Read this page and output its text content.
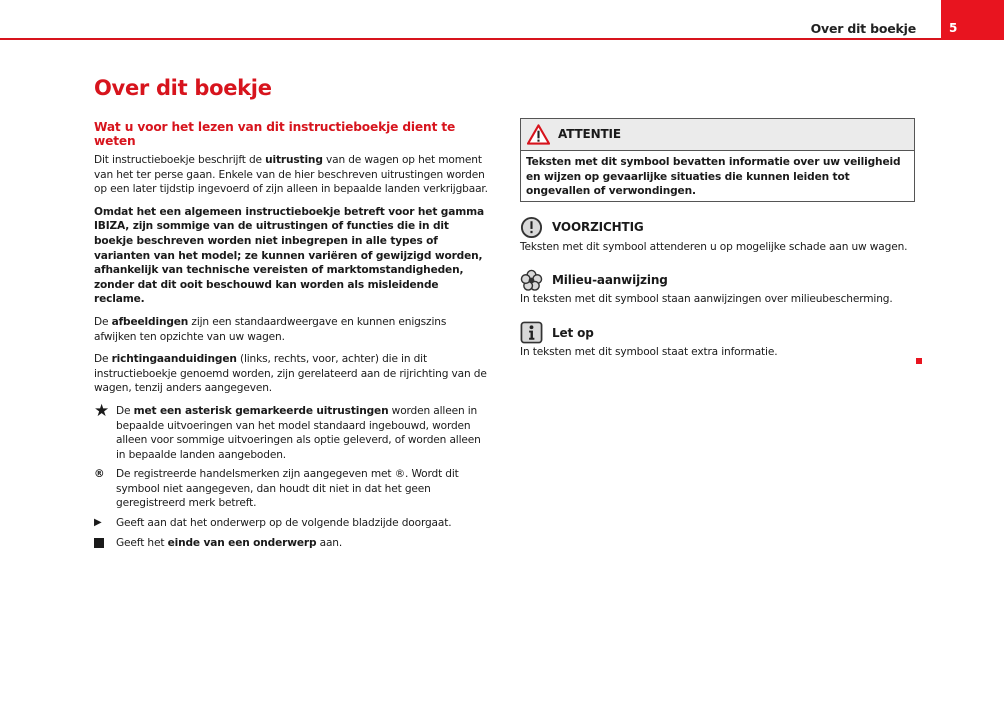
Over dit boekje	5
Over dit boekje
Wat u voor het lezen van dit instructieboekje dient te weten

Dit instructieboekje beschrijft de uitrusting van de wagen op het moment van het ter perse gaan. Enkele van de hier beschreven uitrustingen worden op een later tijdstip ingevoerd of zijn alleen in bepaalde landen verkrijgbaar.

Omdat het een algemeen instructieboekje betreft voor het gamma IBIZA, zijn sommige van de uitrustingen of functies die in dit boekje beschreven worden niet inbegrepen in alle types of varianten van het model; ze kunnen variëren of gewijzigd worden, afhankelijk van technische vereisten of marktomstandigheden, zonder dat dit ooit beschouwd kan worden als misleidende reclame.

De afbeeldingen zijn een standaardweergave en kunnen enigszins afwijken ten opzichte van uw wagen.

De richtingaanduidingen (links, rechts, voor, achter) die in dit instructieboekje genoemd worden, zijn gerelateerd aan de rijrichting van de wagen, tenzij anders aangegeven.

★ De met een asterisk gemarkeerde uitrustingen worden alleen in bepaalde uitvoeringen van het model standaard ingebouwd, worden alleen voor sommige uitvoeringen als optie geleverd, of worden alleen in bepaalde landen aangeboden.
®	De registreerde handelsmerken zijn aangegeven met ®. Wordt dit symbool niet aangegeven, dan houdt dit niet in dat het geen geregistreerd merk betreft.
▶	Geeft aan dat het onderwerp op de volgende bladzijde doorgaat.
Geeft het einde van een onderwerp aan.
ATTENTIE
Teksten met dit symbool bevatten informatie over uw veiligheid en wijzen op gevaarlijke situaties die kunnen leiden tot ongevallen of verwondingen.
VOORZICHTIG
Teksten met dit symbool attenderen u op mogelijke schade aan uw wagen.
Milieu-aanwijzing
In teksten met dit symbool staan aanwijzingen over milieubescherming.
Let op
In teksten met dit symbool staat extra informatie.
